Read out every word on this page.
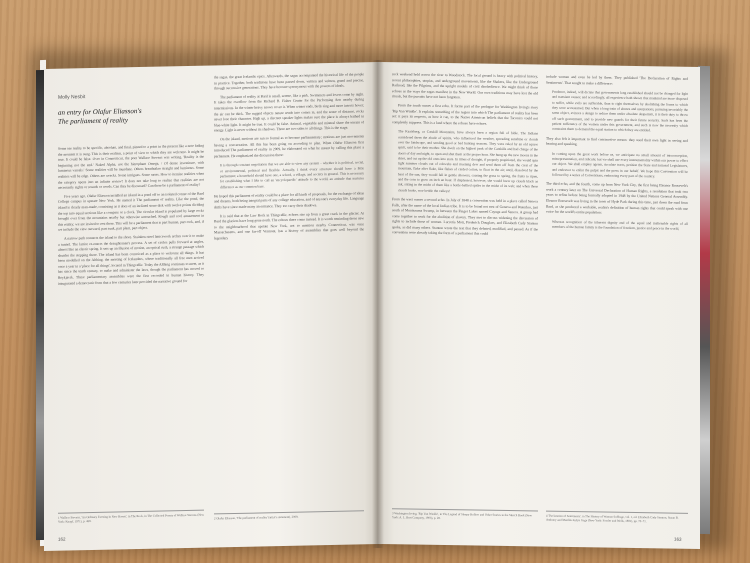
Molly Nesbit
an entry for Olafur Eliasson's
The parliament of reality

Some see reality to be specific, absolute, and final, pinned to a point in the present like a note fading the moment it is sung. This is their realism, a point of view to which they are welcome. It might be true. It could be false. Over in Connecticut, the poet Wallace Stevens was writing, 'Reality is the beginning not the end.' Naked Alpha, not the hierophant Omega, / Of dense investiture, with luminous vassals.' Some realities will be mundane. Others breathtaker straight and luminous. Some realities will be edge. Others are wrecks. Some intrigues. Some oases. How to itemize realities when the category opens into an infinite review? It does not take long to realize that realities are not necessarily sights or sounds or words. Can they be discussed? Can there be a parliament of reality?

Five years ago, Olafur Eliasson installed an island in a pond off to an isolated corner of the Bard College campus in upstate New York. He named it The parliament of reality. Like the pond, the island is clearly man-made, consisting as it does of an inclined stone disk with twelve points dividing the top into equal sections like a compass or a clock. The circular island is populated by large rocks brought over from the mountains nearby but otherwise untouched. Rough and cool amusement in this reality; we are invited to rest there. This will be a parliament that is part human, part rock, and, if we include the view outward, part sunk, part plant, part object.

A narrow path connects the island to the shore. Stainless-steel latticework arches over it to make a tunnel. The lattice re-enacts the draughtsman's process. A set of circles pulls forward at angles, almost like an elastic spring. It sets up an illusion of motion, an optical rush, a strange passage which shuttles the stepping there. The island has been conceived as a place to welcome all things. It has been modelled on the Althing, the meeting of Icelanders, where traditionally all free men arrived once a year in a 'place for all things', located in Thingvellir. Today the Althing continues to meet, as it has since the tenth century, to make and administer the laws, though the parliament has moved to Reykjavik. These parliamentary assemblies were the first recorded in human history. They inaugurated a democratic form that a few centuries later provided the narrative ground for

1 Wallace Stevens, 'An Ordinary Evening in New Haven', in The Rock, in The Collected Poems of Wallace Stevens (New York: Knopf, 1971), p. 469.

the sagas, the great Icelandic epics. Afterwards, the sagas accompanied the historical life of the people in practice. Together, both traditions have been passed down, written and written, grand and precise, through successive generations. They have become synonymous with the powers of ideals.

The parliament of reality at Bard is small, serene, like a park. Swimmers and lovers come by night. It takes the overflow from the Richard B. Fisher Center for the Performing Arts nearby during intermissions. In the winter heavy snows cover it. When winter ends, birds sing and more insects hover; the air can be thick. The rugged objects nature sends into comes in, and the sense of distance, rocks never lose their character. High up, a discreet speaker lights makes sure the place is always bathed in blue-white light. It might be true. It could be false. Animal, vegetable and mineral share the terrain of energy. Light is never without its shadows. There are two sides to all things. This is the stage.

On the island, motions are run so formal as to become parliamentary; motions are just movements having a conversation. All this has been going on according to plan. When Olafur Eliasson first introduced The parliament of reality in 2009, he elaborated on what he meant by calling this place a parliament. He emphasized the discussion there:

It is through constant negotiation that we are able to view any system – whether it is political, social, or environmental, political and flexible. Actually, I think every structure should have a little parliament; a household should have one, a school, a village, and society in general. This is necessary for establishing what I like to call an 'encyclopaedic' attitude to the world, an attitude that nurtures difference as our common base.

He hoped this parliament of reality could be a place for all kinds of proposals, for the exchange of ideas and dreams, both being integral parts of any college education, and of anyone's everyday life. Language shifts have since made many an entrance. They too carry their shadows.

It is said that at the Law Rock in Thingvellir, echoes rise up from a great crack in the glacier. At Bard the glaciers have long gone north. The echoes there come instead. It is worth reminding those new to the neighbourhood that upstate New York, not to mention nearby Connecticut, was once Massachusetts, and one far-off Vermont, has a history of assemblies that goes well beyond the legendary

2 Olafur Eliasson, 'The parliament of reality' (artist's statement), 2009.
162

rock weekend held across the river to Woodstock. The local ground is heavy with political history, recent philosophies, utopias, and underground movements, like the Shakers, like the Underground Railroad, like the Pilgrims, and the upright models of civil disobedience. We might think of those echoes as the ways the sagas manifest in the New World. Our own traditions may have lost the old rituals, but the pursuits have not been forgotten.

From the south comes a first echo. It forms part of the prologue for Washington Irving's story 'Rip Van Winkle'. It explains something of the region into which The parliament of reality has been set: it pays its respects, as how it can, to the Native American beliefs that the Taconics could not completely suppress. This is a land where the echoes have echoes.

The Kaatsberg, or Catskill Mountains, have always been a region full of fable. The Indians considered them the abode of spirits, who influenced the weather, spreading sunshine or clouds over the landscape, and sending good or bad hunting seasons. They were ruled by an old squaw spirit, said to be their mother. She dwelt on the highest peak of the Catskills and had charge of the doors of day and night, to open and shut them at the proper hour. She hung up the new moons in the skies, and cut up the old ones into stars. In times of drought, if properly propitiated, she would spin light summer clouds out of cobwebs and morning dew and send them off from the crest of the mountain, flake after flake, like flakes of carded cotton, to float in the air; until, dissolved by the heat of the sun, they would fall in gentle showers, causing the grass to spring, the fruits to ripen, and the corn to grow an inch an hour. If displeased, however, she would brew up clouds black as ink, sitting in the midst of them like a bottle-bellied spider in the midst of its web; and when these clouds broke, woe betide the valleys!

From the west comes a second echo. In July of 1848 a convention was held in a place called Seneca Falls, after the name of the local Indian tribe. It is to be found not east of Geneva and Waterloo, just south of Montezuma Swamp, in between the Finger Lakes named Cayuga and Seneca. A group had come together to work for the abolition of slavery. They met to discuss widening the discussion of rights to include those of women. Lucretia Mott, Frederick Douglass, and Elizabeth Cady Stanton spoke, as did many others. Stanton wrote the text that they debated, modified, and passed. As if the convention were already taking the form of a parliament that could

3 Washington Irving, 'Rip Van Winkle', in The Legend of Sleepy Hollow and Other Stories in the Sketch Book (New York: A. L. Burt Company, 1903), p. 28.

include women and even be led by them. They published 'The Declaration of Rights and Sentiments'. That sought to make a difference:

Prudence, indeed, will dictate that governments long established should not be changed for light and transient causes; and accordingly, all experience hath shewn that mankind are more disposed to suffer, while evils are sufferable, than to right themselves by abolishing the forms to which they were accustomed. But when a long train of abuses and usurpations, pursuing invariably the same object, evinces a design to reduce them under absolute despotism, it is their duty to throw off such government, and to provide new guards for their future security. Such has been the patient sufferance of the women under this government, and such is now the necessity which constrains them to demand the equal station to which they are entitled.

They also felt it important to find constructive means: they used their own light as seeing and hearing and speaking.

In coming upon the great work before us, we anticipate no small amount of misconception, misrepresentation, and ridicule; but we shall use every instrumentality within our power to effect our object. We shall employ agents, circulate tracts, petition the State and national Legislatures, and endeavor to enlist the pulpit and the press in our behalf. We hope this Convention will be followed by a series of Conventions, embracing every part of the country.

The third echo, and the fourth, come up from New York City, the first being Eleanor Roosevelt's work a century later on The Universal Declaration of Human Rights, a resolution that took two years to refine before being formally adopted in 1948 by the United Nations General Assembly. Eleanor Roosevelt was living in the town of Hyde Park during this time, just down the road from Bard, as she produced a workable, realist's definition of human rights that could speak with one voice for the world's entire population:

Whereas recognition of the inherent dignity and of the equal and inalienable rights of all members of the human family is the foundation of freedom, justice and peace in the world,
4 'Declaration of Sentiments', in The History of Woman Suffrage, vol. 1, ed. Elizabeth Cady Stanton, Susan B. Anthony and Matilda Joslyn Gage (New York: Fowler and Wells, 1881), pp. 70–71.
163
